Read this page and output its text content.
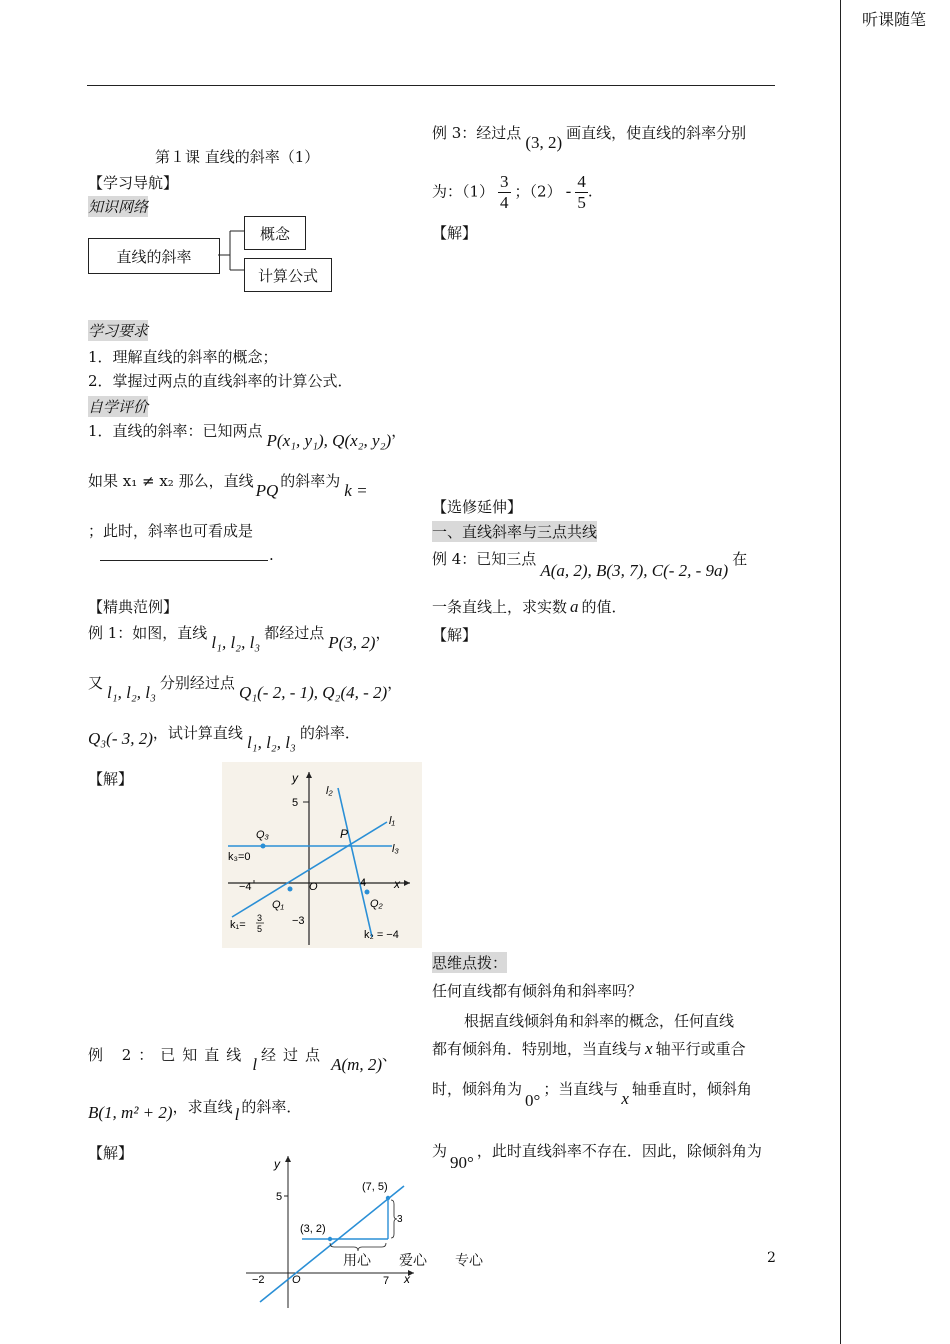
听课随笔
第１课 直线的斜率（1）
【学习导航】
知识网络
直线的斜率
概念
计算公式
学习要求
1．理解直线的斜率的概念；
2．掌握过两点的直线斜率的计算公式．
自学评价
1．直线的斜率：已知两点 P(x₁, y₁), Q(x₂, y₂)，
如果 x₁ ≠ x₂ 那么，直线 PQ 的斜率为 k =
；此时，斜率也可看成是
.
【精典范例】
例 1：如图，直线 l₁, l₂, l₃ 都经过点 P(3, 2)，
又 l₁, l₂, l₃ 分别经过点 Q₁(- 2, - 1), Q₂(4, - 2)，
Q₃(- 3, 2)，试计算直线 l₁, l₂, l₃ 的斜率．
【解】	y
x
O
5
−4	4
−3
l₁
l₂
l₃
P
Q₃
Q₁	Q₂
k₃=0
k₁=
3
5	k₂ = −4
例 2：已知直线 l 经过点 A(m, 2)、
B(1, m² + 2)，求直线 l 的斜率．
【解】
y
x
O
5
−2	7
(3, 2)
(7, 5)
3
例 3：经过点 (3, 2) 画直线，使直线的斜率分别
为：$(1) \frac{3}{4}$ ；$(2) - \frac{4}{5}$ .
【解】
【选修延伸】
一、直线斜率与三点共线
例 4：已知三点A(a, 2), B(3, 7), C(- 2, - 9a)在
一条直线上，求实数 a 的值．
【解】
思维点拨：
任何直线都有倾斜角和斜率吗？
根据直线倾斜角和斜率的概念，任何直线
都有倾斜角．特别地，当直线与 x 轴平行或重合
时，倾斜角为0°；当直线与 x 轴垂直时，倾斜角
为90°，此时直线斜率不存在．因此，除倾斜角为
用心　　爱心　　专心	2
